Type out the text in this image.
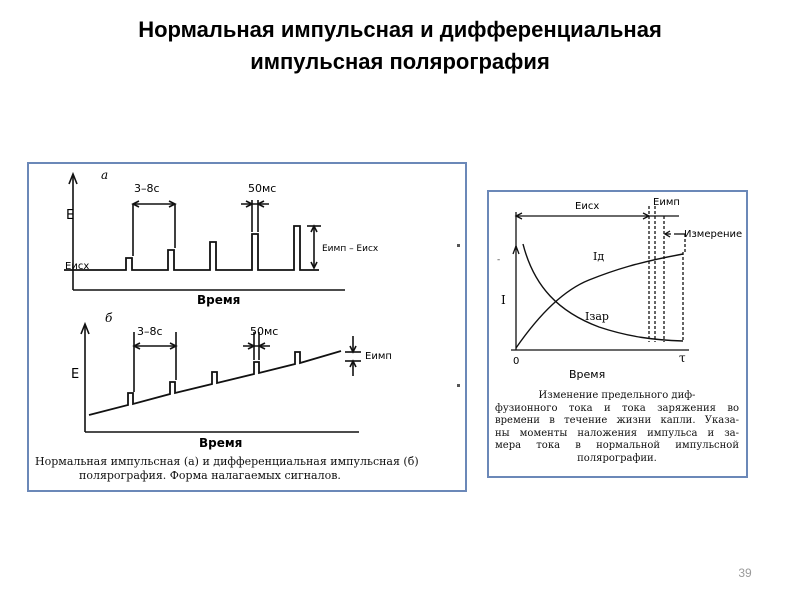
Нормальная импульсная и дифференциальная
импульсная полярография
а
E
3–8с	50мс
Eисх
Eимп – Eисх
Время
б
E
3–8с	50мс
Eимп
Время
Нормальная импульсная (а) и дифференциальная импульсная (б)
полярография. Форма налагаемых сигналов.
Eисх	Eимп
Измерение
I
Iд
Iзар
0	τ
Время
-
Изменение предельного диф-
фузионного тока и тока заряжения во
времени в течение жизни капли. Указа-
ны моменты наложения импульса и за-
мера тока в нормальной импульсной
полярографии.
39
